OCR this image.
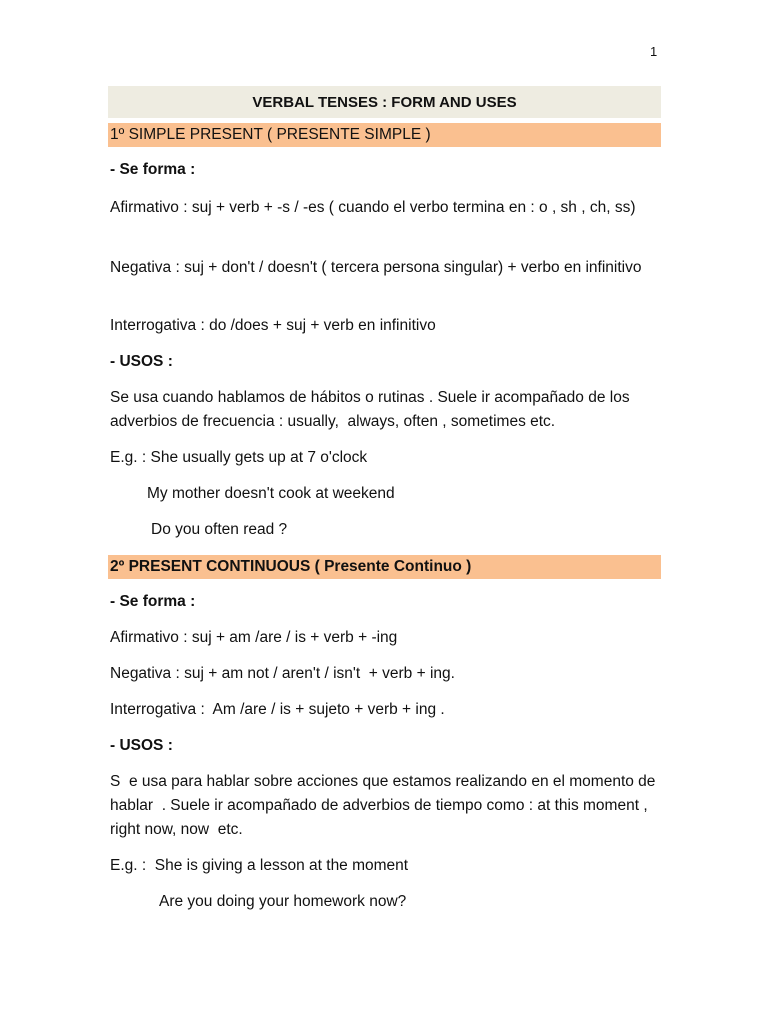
1
VERBAL TENSES : FORM AND USES
1º SIMPLE PRESENT ( PRESENTE SIMPLE )
- Se forma :
Afirmativo : suj + verb + -s / -es ( cuando el verbo termina en : o , sh , ch, ss)
Negativa : suj + don't / doesn't ( tercera persona singular) + verbo en infinitivo
Interrogativa : do /does + suj + verb en infinitivo
- USOS :
Se usa cuando hablamos de hábitos o rutinas . Suele ir acompañado de los adverbios de frecuencia : usually,  always, often , sometimes etc.
E.g. : She usually gets up at 7 o'clock
My mother doesn't cook at weekend
Do you often read ?
2º PRESENT CONTINUOUS ( Presente Continuo )
- Se forma :
Afirmativo : suj + am /are / is + verb + -ing
Negativa : suj + am not / aren't / isn't  + verb + ing.
Interrogativa :  Am /are / is + sujeto + verb + ing .
- USOS :
S  e usa para hablar sobre acciones que estamos realizando en el momento de hablar  . Suele ir acompañado de adverbios de tiempo como : at this moment , right now, now  etc.
E.g. :  She is giving a lesson at the moment
Are you doing your homework now?
